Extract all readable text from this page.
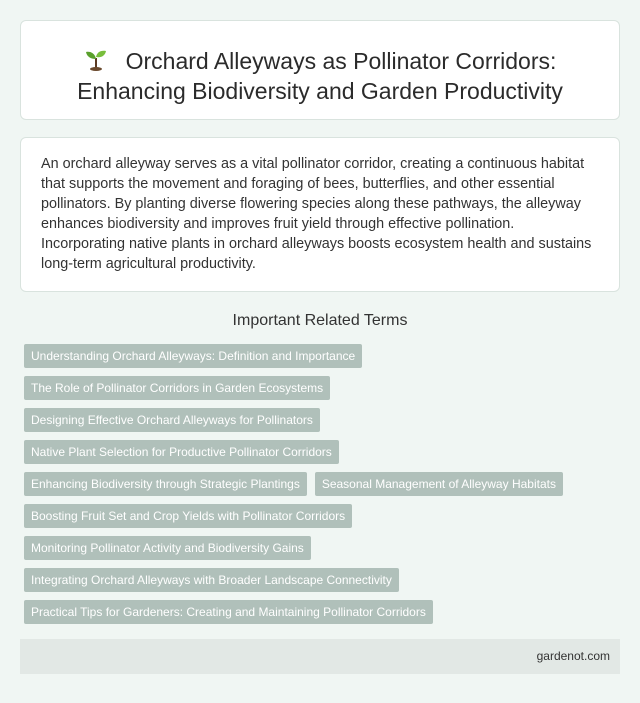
Orchard Alleyways as Pollinator Corridors:
Enhancing Biodiversity and Garden Productivity

An orchard alleyway serves as a vital pollinator corridor, creating a continuous habitat that supports the movement and foraging of bees, butterflies, and other essential pollinators. By planting diverse flowering species along these pathways, the alleyway enhances biodiversity and improves fruit yield through effective pollination. Incorporating native plants in orchard alleyways boosts ecosystem health and sustains long-term agricultural productivity.

Important Related Terms
Understanding Orchard Alleyways: Definition and Importance
The Role of Pollinator Corridors in Garden Ecosystems
Designing Effective Orchard Alleyways for Pollinators
Native Plant Selection for Productive Pollinator Corridors
Enhancing Biodiversity through Strategic Plantings	Seasonal Management of Alleyway Habitats
Boosting Fruit Set and Crop Yields with Pollinator Corridors
Monitoring Pollinator Activity and Biodiversity Gains
Integrating Orchard Alleyways with Broader Landscape Connectivity
Practical Tips for Gardeners: Creating and Maintaining Pollinator Corridors
gardenot.com
